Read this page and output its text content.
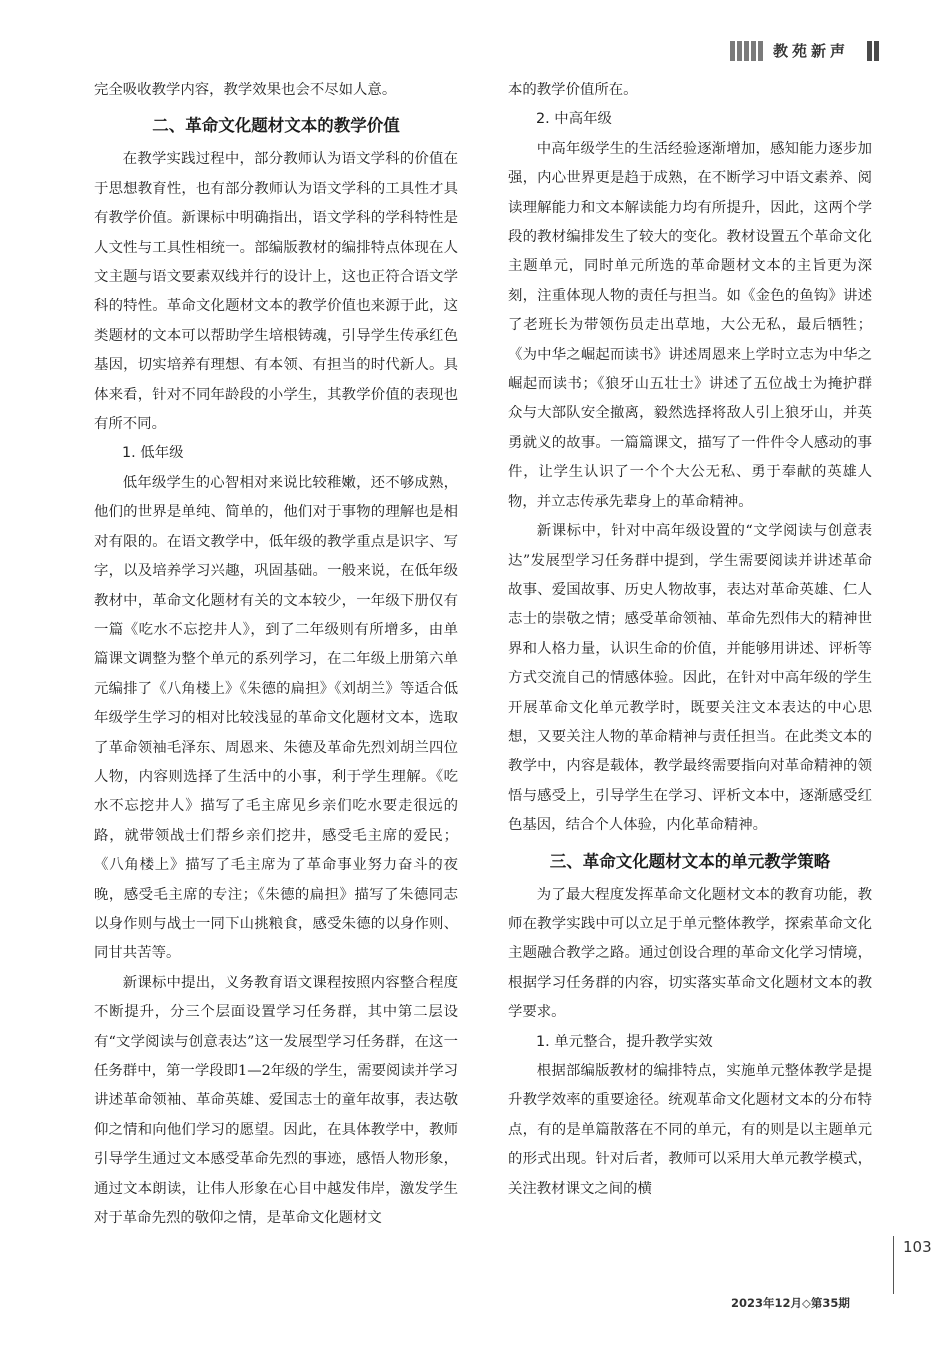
教苑新声

完全吸收教学内容，教学效果也会不尽如人意。

二、革命文化题材文本的教学价值

在教学实践过程中，部分教师认为语文学科的价值在于思想教育性，也有部分教师认为语文学科的工具性才具有教学价值。新课标中明确指出，语文学科的学科特性是人文性与工具性相统一。部编版教材的编排特点体现在人文主题与语文要素双线并行的设计上，这也正符合语文学科的特性。革命文化题材文本的教学价值也来源于此，这类题材的文本可以帮助学生培根铸魂，引导学生传承红色基因，切实培养有理想、有本领、有担当的时代新人。具体来看，针对不同年龄段的小学生，其教学价值的表现也有所不同。

1. 低年级

低年级学生的心智相对来说比较稚嫩，还不够成熟，他们的世界是单纯、简单的，他们对于事物的理解也是相对有限的。在语文教学中，低年级的教学重点是识字、写字，以及培养学习兴趣，巩固基础。一般来说，在低年级教材中，革命文化题材有关的文本较少，一年级下册仅有一篇《吃水不忘挖井人》，到了二年级则有所增多，由单篇课文调整为整个单元的系列学习，在二年级上册第六单元编排了《八角楼上》《朱德的扁担》《刘胡兰》等适合低年级学生学习的相对比较浅显的革命文化题材文本，选取了革命领袖毛泽东、周恩来、朱德及革命先烈刘胡兰四位人物，内容则选择了生活中的小事，利于学生理解。《吃水不忘挖井人》描写了毛主席见乡亲们吃水要走很远的路，就带领战士们帮乡亲们挖井，感受毛主席的爱民；《八角楼上》描写了毛主席为了革命事业努力奋斗的夜晚，感受毛主席的专注；《朱德的扁担》描写了朱德同志以身作则与战士一同下山挑粮食，感受朱德的以身作则、同甘共苦等。

新课标中提出，义务教育语文课程按照内容整合程度不断提升，分三个层面设置学习任务群，其中第二层设有“文学阅读与创意表达”这一发展型学习任务群，在这一任务群中，第一学段即1—2年级的学生，需要阅读并学习讲述革命领袖、革命英雄、爱国志士的童年故事，表达敬仰之情和向他们学习的愿望。因此，在具体教学中，教师引导学生通过文本感受革命先烈的事迹，感悟人物形象，通过文本朗读，让伟人形象在心目中越发伟岸，激发学生对于革命先烈的敬仰之情，是革命文化题材文

本的教学价值所在。

2. 中高年级

中高年级学生的生活经验逐渐增加，感知能力逐步加强，内心世界更是趋于成熟，在不断学习中语文素养、阅读理解能力和文本解读能力均有所提升，因此，这两个学段的教材编排发生了较大的变化。教材设置五个革命文化主题单元，同时单元所选的革命题材文本的主旨更为深刻，注重体现人物的责任与担当。如《金色的鱼钩》讲述了老班长为带领伤员走出草地，大公无私，最后牺牲；《为中华之崛起而读书》讲述周恩来上学时立志为中华之崛起而读书；《狼牙山五壮士》讲述了五位战士为掩护群众与大部队安全撤离，毅然选择将敌人引上狼牙山，并英勇就义的故事。一篇篇课文，描写了一件件令人感动的事件，让学生认识了一个个大公无私、勇于奉献的英雄人物，并立志传承先辈身上的革命精神。

新课标中，针对中高年级设置的“文学阅读与创意表达”发展型学习任务群中提到，学生需要阅读并讲述革命故事、爱国故事、历史人物故事，表达对革命英雄、仁人志士的崇敬之情；感受革命领袖、革命先烈伟大的精神世界和人格力量，认识生命的价值，并能够用讲述、评析等方式交流自己的情感体验。因此，在针对中高年级的学生开展革命文化单元教学时，既要关注文本表达的中心思想，又要关注人物的革命精神与责任担当。在此类文本的教学中，内容是载体，教学最终需要指向对革命精神的领悟与感受上，引导学生在学习、评析文本中，逐渐感受红色基因，结合个人体验，内化革命精神。

三、革命文化题材文本的单元教学策略

为了最大程度发挥革命文化题材文本的教育功能，教师在教学实践中可以立足于单元整体教学，探索革命文化主题融合教学之路。通过创设合理的革命文化学习情境，根据学习任务群的内容，切实落实革命文化题材文本的教学要求。

1. 单元整合，提升教学实效

根据部编版教材的编排特点，实施单元整体教学是提升教学效率的重要途径。统观革命文化题材文本的分布特点，有的是单篇散落在不同的单元，有的则是以主题单元的形式出现。针对后者，教师可以采用大单元教学模式，关注教材课文之间的横

103
2023年12月◇第35期
